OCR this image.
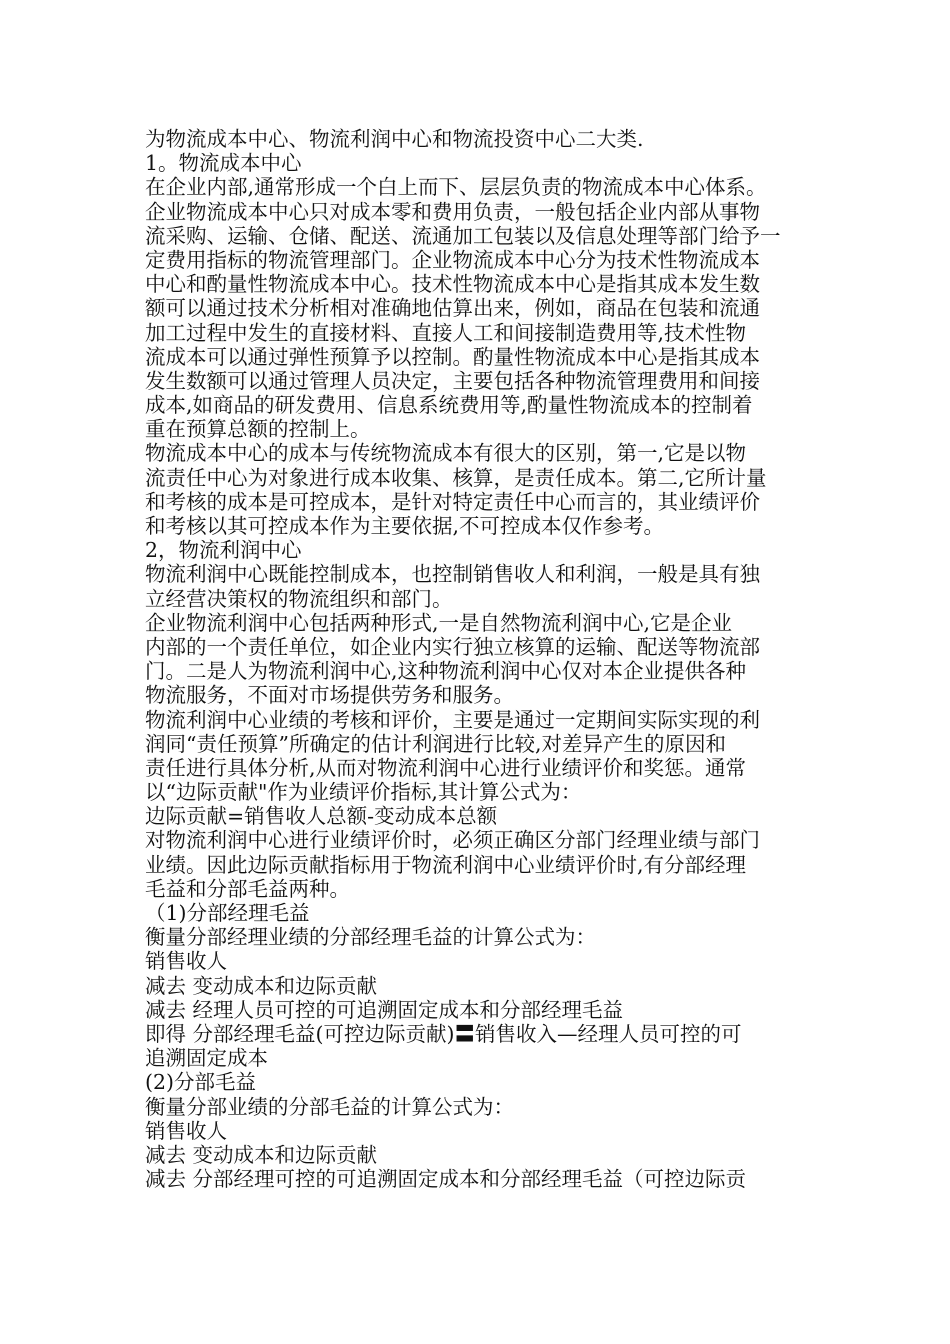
为物流成本中心、物流利润中心和物流投资中心二大类.
1。物流成本中心
在企业内部,通常形成一个白上而下、层层负责的物流成本中心体系。
企业物流成本中心只对成本零和费用负责，一般包括企业内部从事物
流采购、运输、仓储、配送、流通加工包装以及信息处理等部门给予一
定费用指标的物流管理部门。企业物流成本中心分为技术性物流成本
中心和酌量性物流成本中心。技术性物流成本中心是指其成本发生数
额可以通过技术分析相对准确地估算出来，例如，商品在包装和流通
加工过程中发生的直接材料、直接人工和间接制造费用等,技术性物
流成本可以通过弹性预算予以控制。酌量性物流成本中心是指其成本
发生数额可以通过管理人员决定，主要包括各种物流管理费用和间接
成本,如商品的研发费用、信息系统费用等,酌量性物流成本的控制着
重在预算总额的控制上。
物流成本中心的成本与传统物流成本有很大的区别，第一,它是以物
流责任中心为对象进行成本收集、核算，是责任成本。第二,它所计量
和考核的成本是可控成本，是针对特定责任中心而言的，其业绩评价
和考核以其可控成本作为主要依据,不可控成本仅作参考。
2，物流利润中心
物流利润中心既能控制成本，也控制销售收人和利润，一般是具有独
立经营决策权的物流组织和部门。
企业物流利润中心包括两种形式,一是自然物流利润中心,它是企业
内部的一个责任单位，如企业内实行独立核算的运输、配送等物流部
门。二是人为物流利润中心,这种物流利润中心仅对本企业提供各种
物流服务，不面对市场提供劳务和服务。
物流利润中心业绩的考核和评价，主要是通过一定期间实际实现的利
润同“责任预算”所确定的估计利润进行比较,对差异产生的原因和
责任进行具体分析,从而对物流利润中心进行业绩评价和奖惩。通常
以“边际贡献"作为业绩评价指标,其计算公式为：
边际贡献=销售收人总额-变动成本总额
对物流利润中心进行业绩评价时，必须正确区分部门经理业绩与部门
业绩。因此边际贡献指标用于物流利润中心业绩评价时,有分部经理
毛益和分部毛益两种。
（1)分部经理毛益
衡量分部经理业绩的分部经理毛益的计算公式为：
销售收人
减去 变动成本和边际贡献
减去 经理人员可控的可追溯固定成本和分部经理毛益
即得 分部经理毛益(可控边际贡献)〓销售收入—经理人员可控的可
追溯固定成本
(2)分部毛益
衡量分部业绩的分部毛益的计算公式为：
销售收人
减去 变动成本和边际贡献
减去 分部经理可控的可追溯固定成本和分部经理毛益（可控边际贡
